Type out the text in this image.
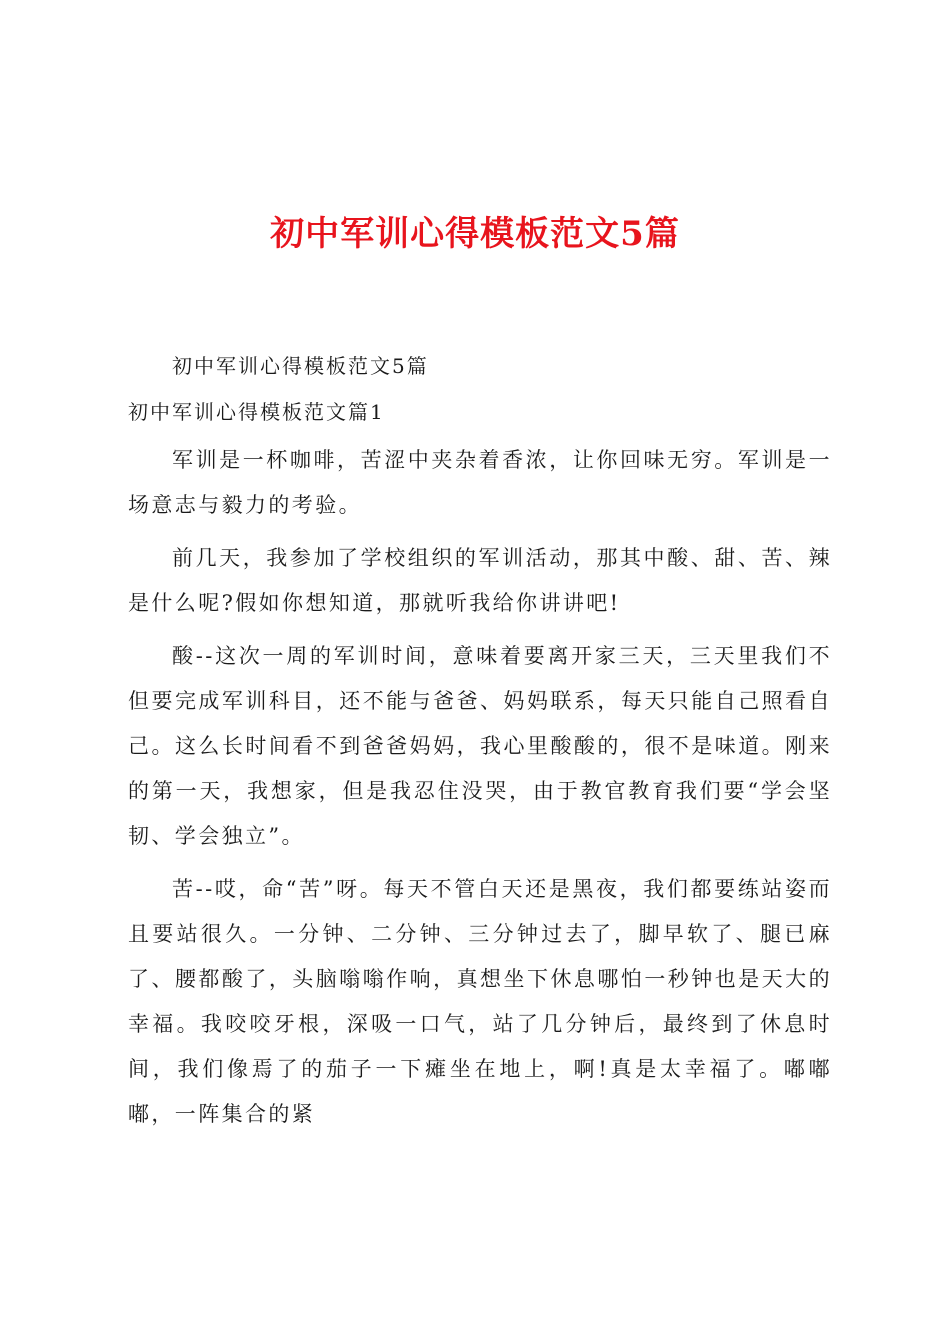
初中军训心得模板范文5篇

初中军训心得模板范文5篇

初中军训心得模板范文篇1

军训是一杯咖啡，苦涩中夹杂着香浓，让你回味无穷。军训是一场意志与毅力的考验。

前几天，我参加了学校组织的军训活动，那其中酸、甜、苦、辣是什么呢?假如你想知道，那就听我给你讲讲吧!

酸--这次一周的军训时间，意味着要离开家三天，三天里我们不但要完成军训科目，还不能与爸爸、妈妈联系，每天只能自己照看自己。这么长时间看不到爸爸妈妈，我心里酸酸的，很不是味道。刚来的第一天，我想家，但是我忍住没哭，由于教官教育我们要“学会坚韧、学会独立”。

苦--哎，命“苦”呀。每天不管白天还是黑夜，我们都要练站姿而且要站很久。一分钟、二分钟、三分钟过去了，脚早软了、腿已麻了、腰都酸了，头脑嗡嗡作响，真想坐下休息哪怕一秒钟也是天大的幸福。我咬咬牙根，深吸一口气，站了几分钟后，最终到了休息时间，我们像焉了的茄子一下瘫坐在地上，啊!真是太幸福了。嘟嘟嘟，一阵集合的紧
